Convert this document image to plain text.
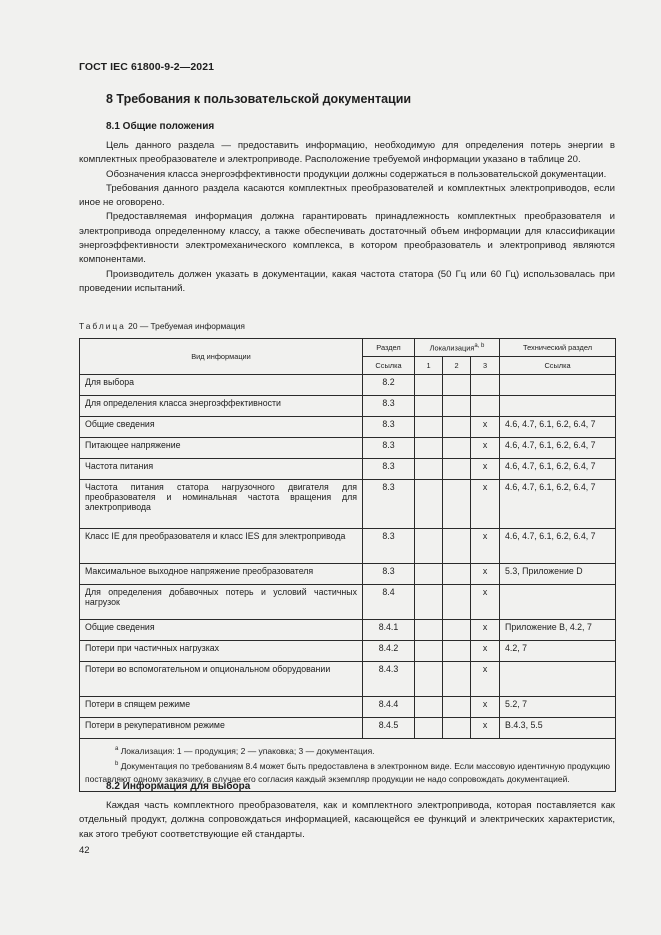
ГОСТ IEC 61800-9-2—2021
8 Требования к пользовательской документации
8.1 Общие положения

Цель данного раздела — предоставить информацию, необходимую для определения потерь энергии в комплектных преобразователе и электроприводе. Расположение требуемой информации указано в таблице 20.

Обозначения класса энергоэффективности продукции должны содержаться в пользовательской документации.

Требования данного раздела касаются комплектных преобразователей и комплектных электроприводов, если иное не оговорено.

Предоставляемая информация должна гарантировать принадлежность комплектных преобразователя и электропривода определенному классу, а также обеспечивать достаточный объем информации для классификации энергоэффективности электромеханического комплекса, в котором преобразователь и электропривод являются компонентами.

Производитель должен указать в документации, какая частота статора (50 Гц или 60 Гц) использовалась при проведении испытаний.

Таблица 20 — Требуемая информация
Вид информации	Раздел	Локализация$^{a, b}$			Технический раздел
	Ссылка	1	2	3	Ссылка
Для выбора	8.2				
Для определения класса энергоэффективности	8.3				
Общие сведения	8.3			x	4.6, 4.7, 6.1, 6.2, 6.4, 7
Питающее напряжение	8.3			x	4.6, 4.7, 6.1, 6.2, 6.4, 7
Частота питания	8.3			x	4.6, 4.7, 6.1, 6.2, 6.4, 7
Частота питания статора нагрузочного двигателя для преобразователя и номинальная частота вращения для электропривода	8.3			x	4.6, 4.7, 6.1, 6.2, 6.4, 7
Класс IE для преобразователя и класс IES для электропривода	8.3			x	4.6, 4.7, 6.1, 6.2, 6.4, 7
Максимальное выходное напряжение преобразователя	8.3			x	5.3, Приложение D
Для определения добавочных потерь и условий частичных нагрузок	8.4			x	
Общие сведения	8.4.1			x	Приложение B, 4.2, 7
Потери при частичных нагрузках	8.4.2			x	4.2, 7
Потери во вспомогательном и опциональном оборудовании	8.4.3			x	
Потери в спящем режиме	8.4.4			x	5.2, 7
Потери в рекуперативном режиме	8.4.5			x	B.4.3, 5.5

$^a$ Локализация: 1 — продукция; 2 — упаковка; 3 — документация.

$^b$ Документация по требованиям 8.4 может быть предоставлена в электронном виде. Если массовую идентичную продукцию поставляют одному заказчику, в случае его согласия каждый экземпляр продукции не надо сопровождать документацией.					

8.2 Информация для выбора

Каждая часть комплектного преобразователя, как и комплектного электропривода, которая поставляется как отдельный продукт, должна сопровождаться информацией, касающейся ее функций и электрических характеристик, как этого требуют соответствующие ей стандарты.

42
